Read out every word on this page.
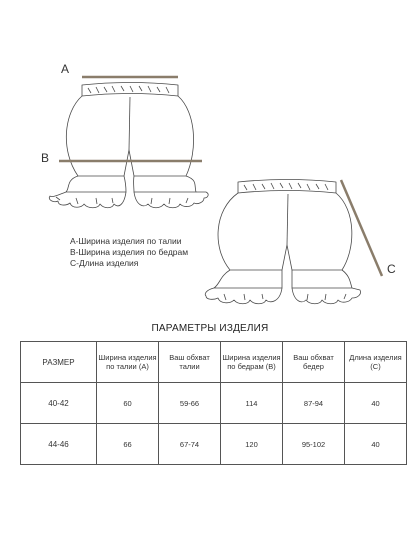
A
B
C
А-Ширина изделия по талии
В-Ширина изделия по бедрам
С-Длина изделия
ПАРАМЕТРЫ ИЗДЕЛИЯ
РАЗМЕР	Ширина изделия по талии (А)	Ваш обхват талии	Ширина изделия по бедрам (В)	Ваш обхват бедер	Длина изделия (С)
40-42	60	59-66	114	87-94	40
44-46	66	67-74	120	95-102	40
